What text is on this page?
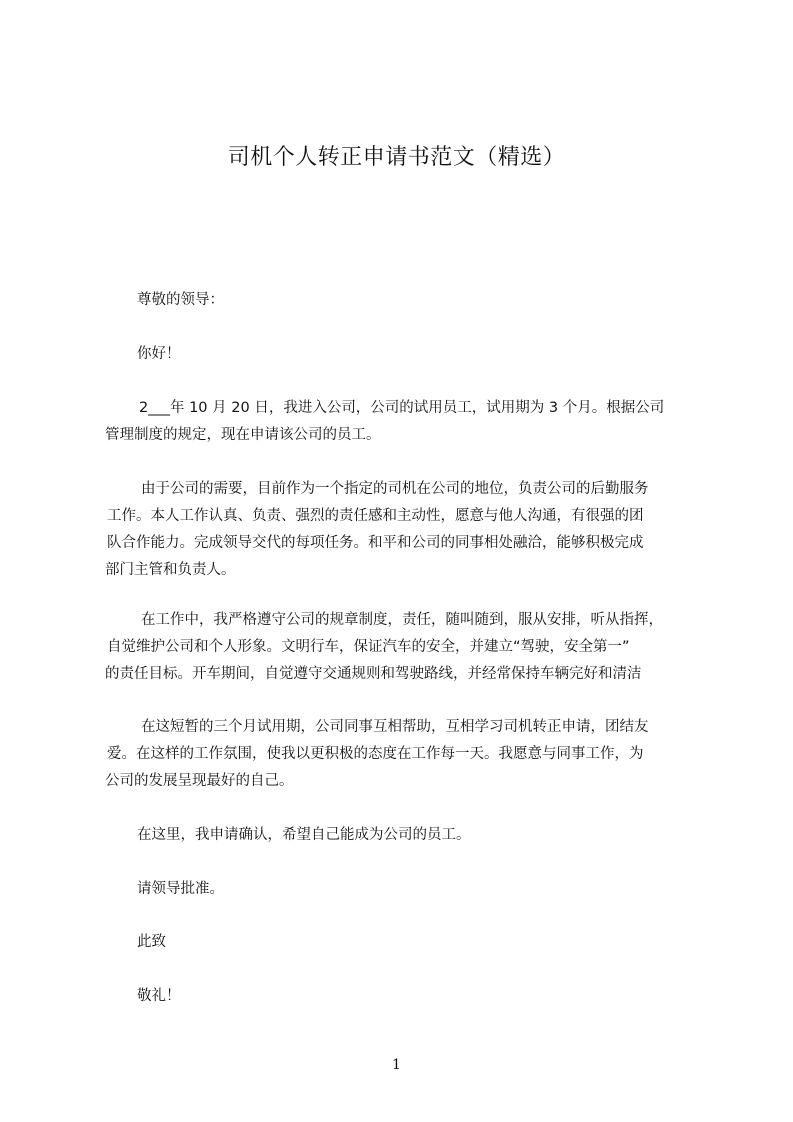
司机个人转正申请书范文（精选）
尊敬的领导：
你好！
2___年 10 月 20 日，我进入公司，公司的试用员工，试用期为 3 个月。根据公司
管理制度的规定，现在申请该公司的员工。
由于公司的需要，目前作为一个指定的司机在公司的地位，负责公司的后勤服务
工作。本人工作认真、负责、强烈的责任感和主动性，愿意与他人沟通，有很强的团
队合作能力。完成领导交代的每项任务。和平和公司的同事相处融洽，能够积极完成
部门主管和负责人。
在工作中，我严格遵守公司的规章制度，责任，随叫随到，服从安排，听从指挥，
自觉维护公司和个人形象。文明行车，保证汽车的安全，并建立“驾驶，安全第一”
的责任目标。开车期间，自觉遵守交通规则和驾驶路线，并经常保持车辆完好和清洁
在这短暂的三个月试用期，公司同事互相帮助，互相学习司机转正申请，团结友
爱。在这样的工作氛围，使我以更积极的态度在工作每一天。我愿意与同事工作，为
公司的发展呈现最好的自己。
在这里，我申请确认，希望自己能成为公司的员工。
请领导批准。
此致
敬礼！
1
